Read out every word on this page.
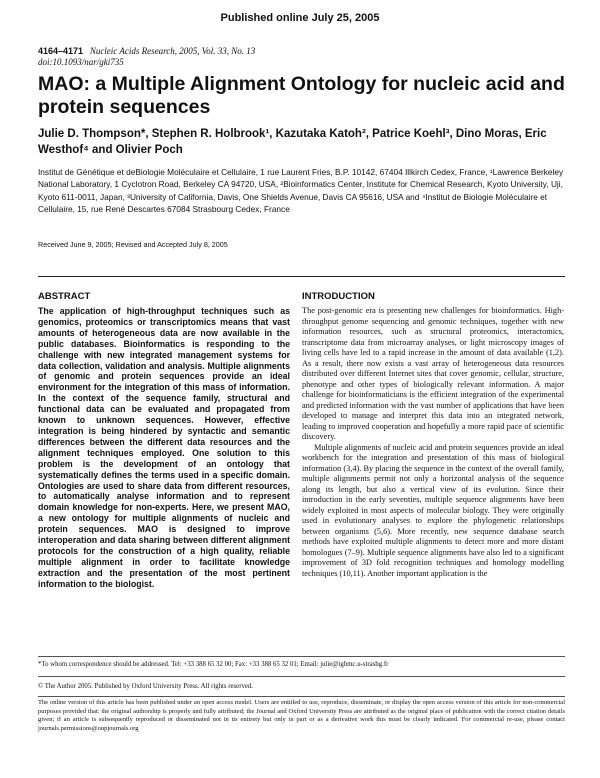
Published online July 25, 2005
4164–4171 Nucleic Acids Research, 2005, Vol. 33, No. 13
doi:10.1093/nar/gki735
MAO: a Multiple Alignment Ontology for nucleic acid and protein sequences
Julie D. Thompson*, Stephen R. Holbrook¹, Kazutaka Katoh², Patrice Koehl³, Dino Moras, Eric Westhof⁴ and Olivier Poch
Institut de Génétique et deBiologie Moléculaire et Cellulaire, 1 rue Laurent Fries, B.P. 10142, 67404 Illkirch Cedex, France, ¹Lawrence Berkeley National Laboratory, 1 Cyclotron Road, Berkeley CA 94720, USA, ²Bioinformatics Center, Institute for Chemical Research, Kyoto University, Uji, Kyoto 611-0011, Japan, ³University of California, Davis, One Shields Avenue, Davis CA 95616, USA and ⁴Institut de Biologie Moléculaire et Cellulaire, 15, rue René Descartes 67084 Strasbourg Cedex, France
Received June 9, 2005; Revised and Accepted July 8, 2005
ABSTRACT
The application of high-throughput techniques such as genomics, proteomics or transcriptomics means that vast amounts of heterogeneous data are now available in the public databases. Bioinformatics is responding to the challenge with new integrated management systems for data collection, validation and analysis. Multiple alignments of genomic and protein sequences provide an ideal environment for the integration of this mass of information. In the context of the sequence family, structural and functional data can be evaluated and propagated from known to unknown sequences. However, effective integration is being hindered by syntactic and semantic differences between the different data resources and the alignment techniques employed. One solution to this problem is the development of an ontology that systematically defines the terms used in a specific domain. Ontologies are used to share data from different resources, to automatically analyse information and to represent domain knowledge for non-experts. Here, we present MAO, a new ontology for multiple alignments of nucleic and protein sequences. MAO is designed to improve interoperation and data sharing between different alignment protocols for the construction of a high quality, reliable multiple alignment in order to facilitate knowledge extraction and the presentation of the most pertinent information to the biologist.
INTRODUCTION

The post-genomic era is presenting new challenges for bioinformatics. High-throughput genome sequencing and genomic techniques, together with new information resources, such as structural proteomics, interactomics, transcriptome data from microarray analyses, or light microscopy images of living cells have led to a rapid increase in the amount of data available (1,2). As a result, there now exists a vast array of heterogeneous data resources distributed over different Internet sites that cover genomic, cellular, structure, phenotype and other types of biologically relevant information. A major challenge for bioinformaticians is the efficient integration of the experimental and predicted information with the vast number of applications that have been developed to manage and interpret this data into an integrated network, leading to improved cooperation and hopefully a more rapid pace of scientific discovery.

Multiple alignments of nucleic acid and protein sequences provide an ideal workbench for the integration and presentation of this mass of biological information (3,4). By placing the sequence in the context of the overall family, multiple alignments permit not only a horizontal analysis of the sequence along its length, but also a vertical view of its evolution. Since their introduction in the early seventies, multiple sequence alignments have been widely exploited in most aspects of molecular biology. They were originally used in evolutionary analyses to explore the phylogenetic relationships between organisms (5,6). More recently, new sequence database search methods have exploited multiple alignments to detect more and more distant homologues (7–9). Multiple sequence alignments have also led to a significant improvement of 3D fold recognition techniques and homology modelling techniques (10,11). Another important application is the

*To whom correspondence should be addressed. Tel: +33 388 65 32 00; Fax: +33 388 65 32 01; Email: julie@igbmc.u-strasbg.fr
© The Author 2005. Published by Oxford University Press. All rights reserved.
The online version of this article has been published under an open access model. Users are entitled to use, reproduce, disseminate, or display the open access version of this article for non-commercial purposes provided that: the original authorship is properly and fully attributed; the Journal and Oxford University Press are attributed as the original place of publication with the correct citation details given; if an article is subsequently reproduced or disseminated not in its entirety but only in part or as a derivative work this must be clearly indicated. For commercial re-use, please contact journals.permissions@oupjournals.org
